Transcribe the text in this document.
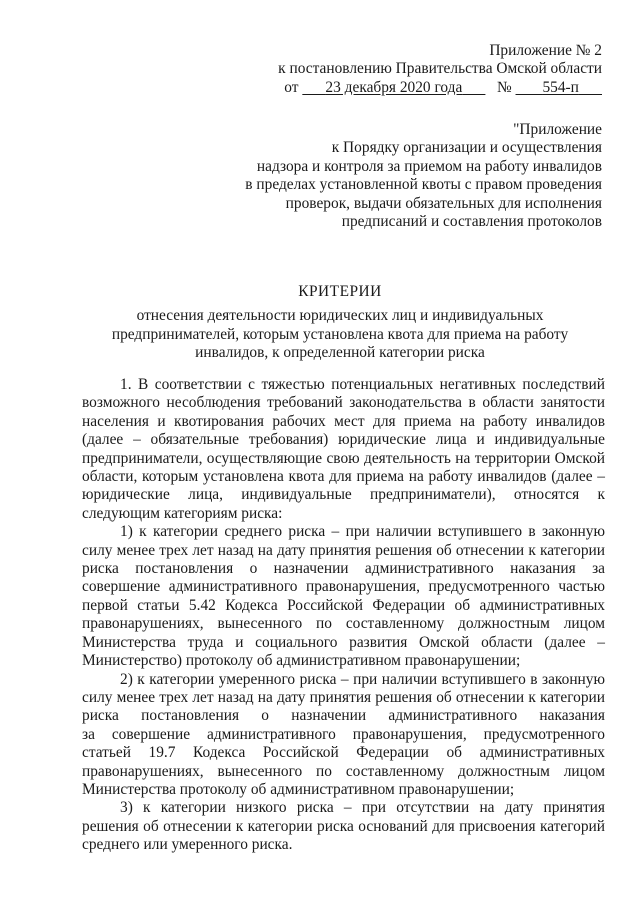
Приложение № 2
к постановлению Правительства Омской области
от 23 декабря 2020 года № 554-п
"Приложение
к Порядку организации и осуществления
надзора и контроля за приемом на работу инвалидов
в пределах установленной квоты с правом проведения
проверок, выдачи обязательных для исполнения
предписаний и составления протоколов
КРИТЕРИИ
отнесения деятельности юридических лиц и индивидуальных
предпринимателей, которым установлена квота для приема на работу
инвалидов, к определенной категории риска
1. В соответствии с тяжестью потенциальных негативных последствий
возможного несоблюдения требований законодательства в области занятости
населения и квотирования рабочих мест для приема на работу инвалидов
(далее – обязательные требования) юридические лица и индивидуальные
предприниматели, осуществляющие свою деятельность на территории Омской
области, которым установлена квота для приема на работу инвалидов (далее –
юридические лица, индивидуальные предприниматели), относятся к
следующим категориям риска:
1) к категории среднего риска – при наличии вступившего в законную
силу менее трех лет назад на дату принятия решения об отнесении к категории
риска постановления о назначении административного наказания за
совершение административного правонарушения, предусмотренного частью
первой статьи 5.42 Кодекса Российской Федерации об административных
правонарушениях, вынесенного по составленному должностным лицом
Министерства труда и социального развития Омской области (далее –
Министерство) протоколу об административном правонарушении;
2) к категории умеренного риска – при наличии вступившего в законную
силу менее трех лет назад на дату принятия решения об отнесении к категории
риска постановления о назначении административного наказания
за совершение административного правонарушения, предусмотренного
статьей 19.7 Кодекса Российской Федерации об административных
правонарушениях, вынесенного по составленному должностным лицом
Министерства протоколу об административном правонарушении;
3) к категории низкого риска – при отсутствии на дату принятия
решения об отнесении к категории риска оснований для присвоения категорий
среднего или умеренного риска.
